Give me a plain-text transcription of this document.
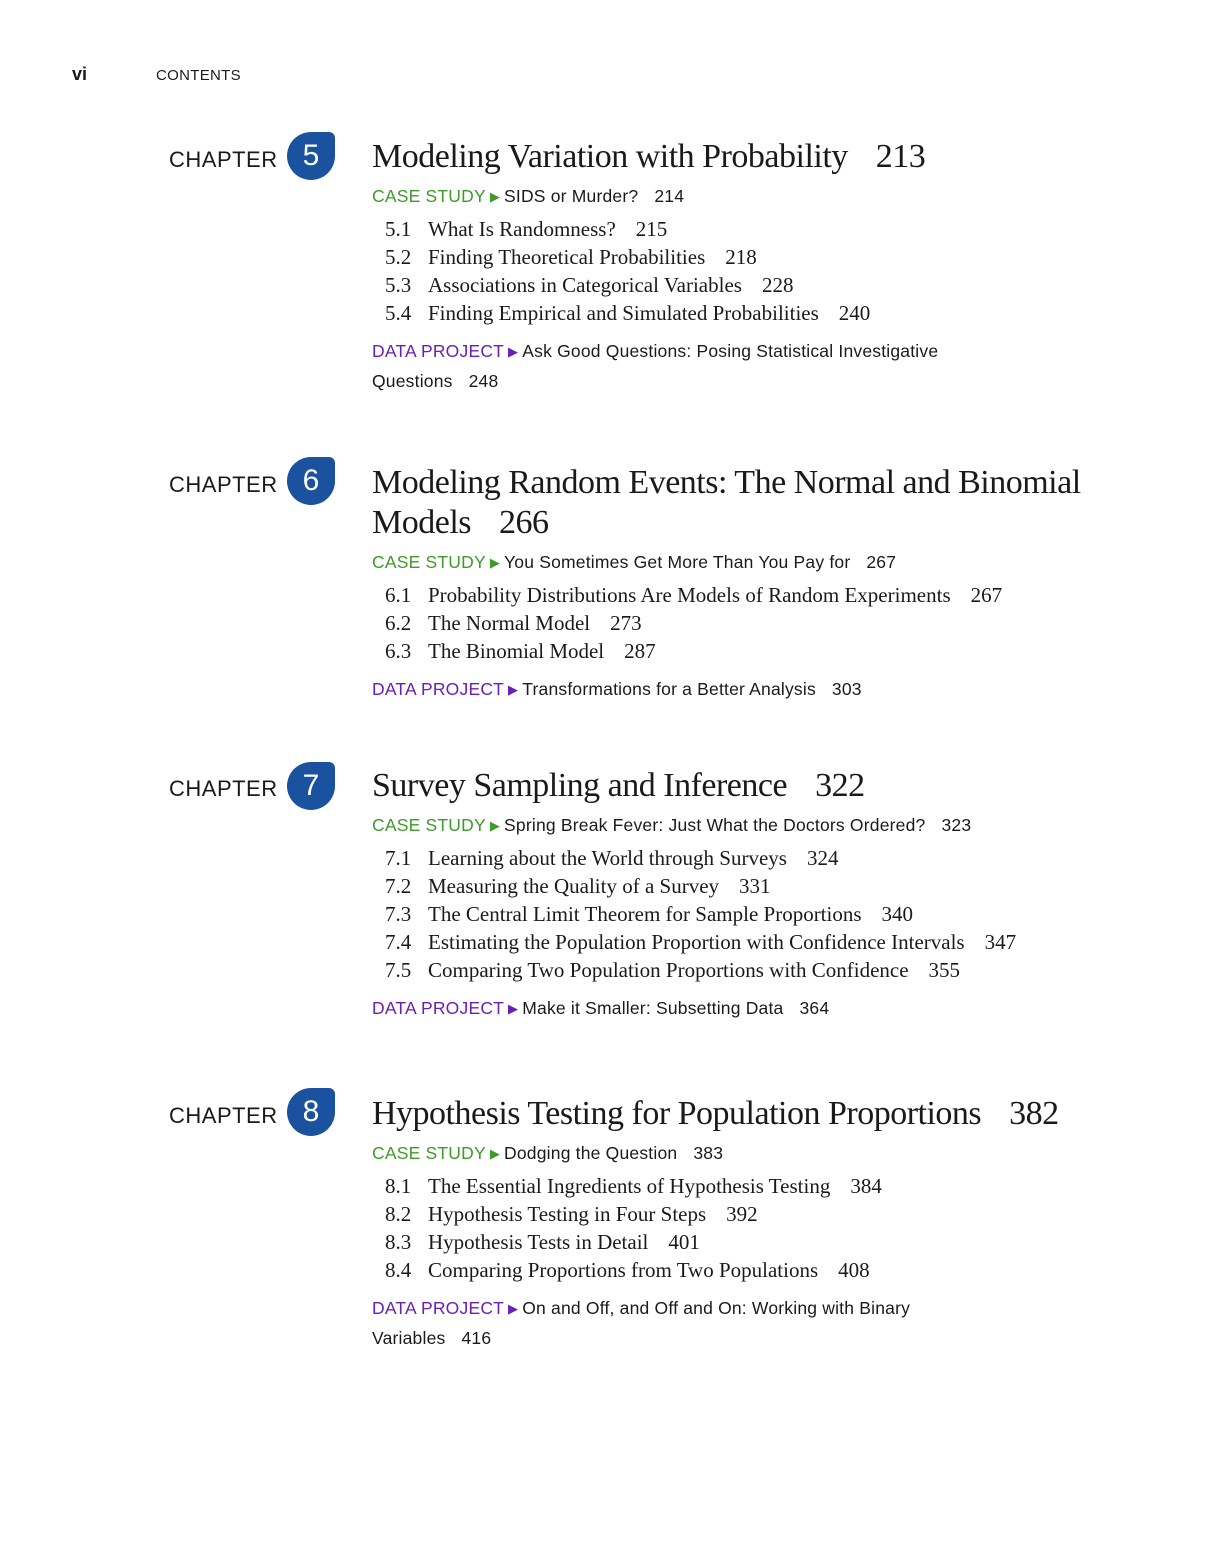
vi	CONTENTS
CHAPTER 5	Modeling Variation with Probability 213
CASE STUDY ▶ SIDS or Murder? 214
5.1 What Is Randomness? 215
5.2 Finding Theoretical Probabilities 218
5.3 Associations in Categorical Variables 228
5.4 Finding Empirical and Simulated Probabilities 240
DATA PROJECT ▶ Ask Good Questions: Posing Statistical Investigative Questions 248
CHAPTER 6	Modeling Random Events: The Normal and Binomial Models 266
CASE STUDY ▶ You Sometimes Get More Than You Pay for 267
6.1 Probability Distributions Are Models of Random Experiments 267
6.2 The Normal Model 273
6.3 The Binomial Model 287
DATA PROJECT ▶ Transformations for a Better Analysis 303
CHAPTER 7	Survey Sampling and Inference 322
CASE STUDY ▶ Spring Break Fever: Just What the Doctors Ordered? 323
7.1 Learning about the World through Surveys 324
7.2 Measuring the Quality of a Survey 331
7.3 The Central Limit Theorem for Sample Proportions 340
7.4 Estimating the Population Proportion with Confidence Intervals 347
7.5 Comparing Two Population Proportions with Confidence 355
DATA PROJECT ▶ Make it Smaller: Subsetting Data 364
CHAPTER 8	Hypothesis Testing for Population Proportions 382
CASE STUDY ▶ Dodging the Question 383
8.1 The Essential Ingredients of Hypothesis Testing 384
8.2 Hypothesis Testing in Four Steps 392
8.3 Hypothesis Tests in Detail 401
8.4 Comparing Proportions from Two Populations 408
DATA PROJECT ▶ On and Off, and Off and On: Working with Binary Variables 416
